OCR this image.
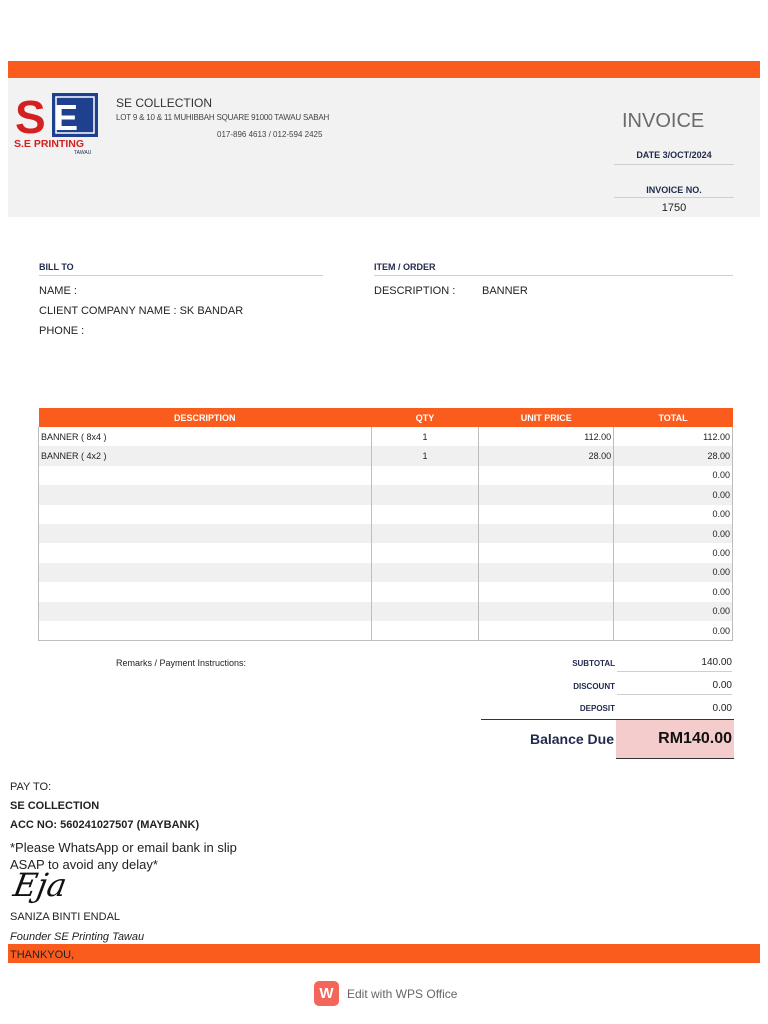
S E
S.E PRINTING
TAWAU
SE COLLECTION
LOT 9 & 10 & 11 MUHIBBAH SQUARE 91000 TAWAU SABAH
017-896 4613 / 012-594 2425
INVOICE
DATE 3/OCT/2024
INVOICE NO.
1750
BILL TO
NAME :
CLIENT COMPANY NAME : SK BANDAR
PHONE :
ITEM / ORDER
DESCRIPTION : BANNER
DESCRIPTION	QTY	UNIT PRICE	TOTAL
BANNER ( 8x4 )	1	112.00	112.00
BANNER ( 4x2 )	1	28.00	28.00
			0.00
			0.00
			0.00
			0.00
			0.00
			0.00
			0.00
			0.00
			0.00
Remarks / Payment Instructions:	SUBTOTAL	140.00
DISCOUNT	0.00
DEPOSIT	0.00
Balance Due	RM140.00
PAY TO:
SE COLLECTION
ACC NO: 560241027507 (MAYBANK)
*Please WhatsApp or email bank in slip
ASAP to avoid any delay*
Eja
SANIZA BINTI ENDAL
Founder SE Printing Tawau
THANKYOU,
W	Edit with WPS Office
